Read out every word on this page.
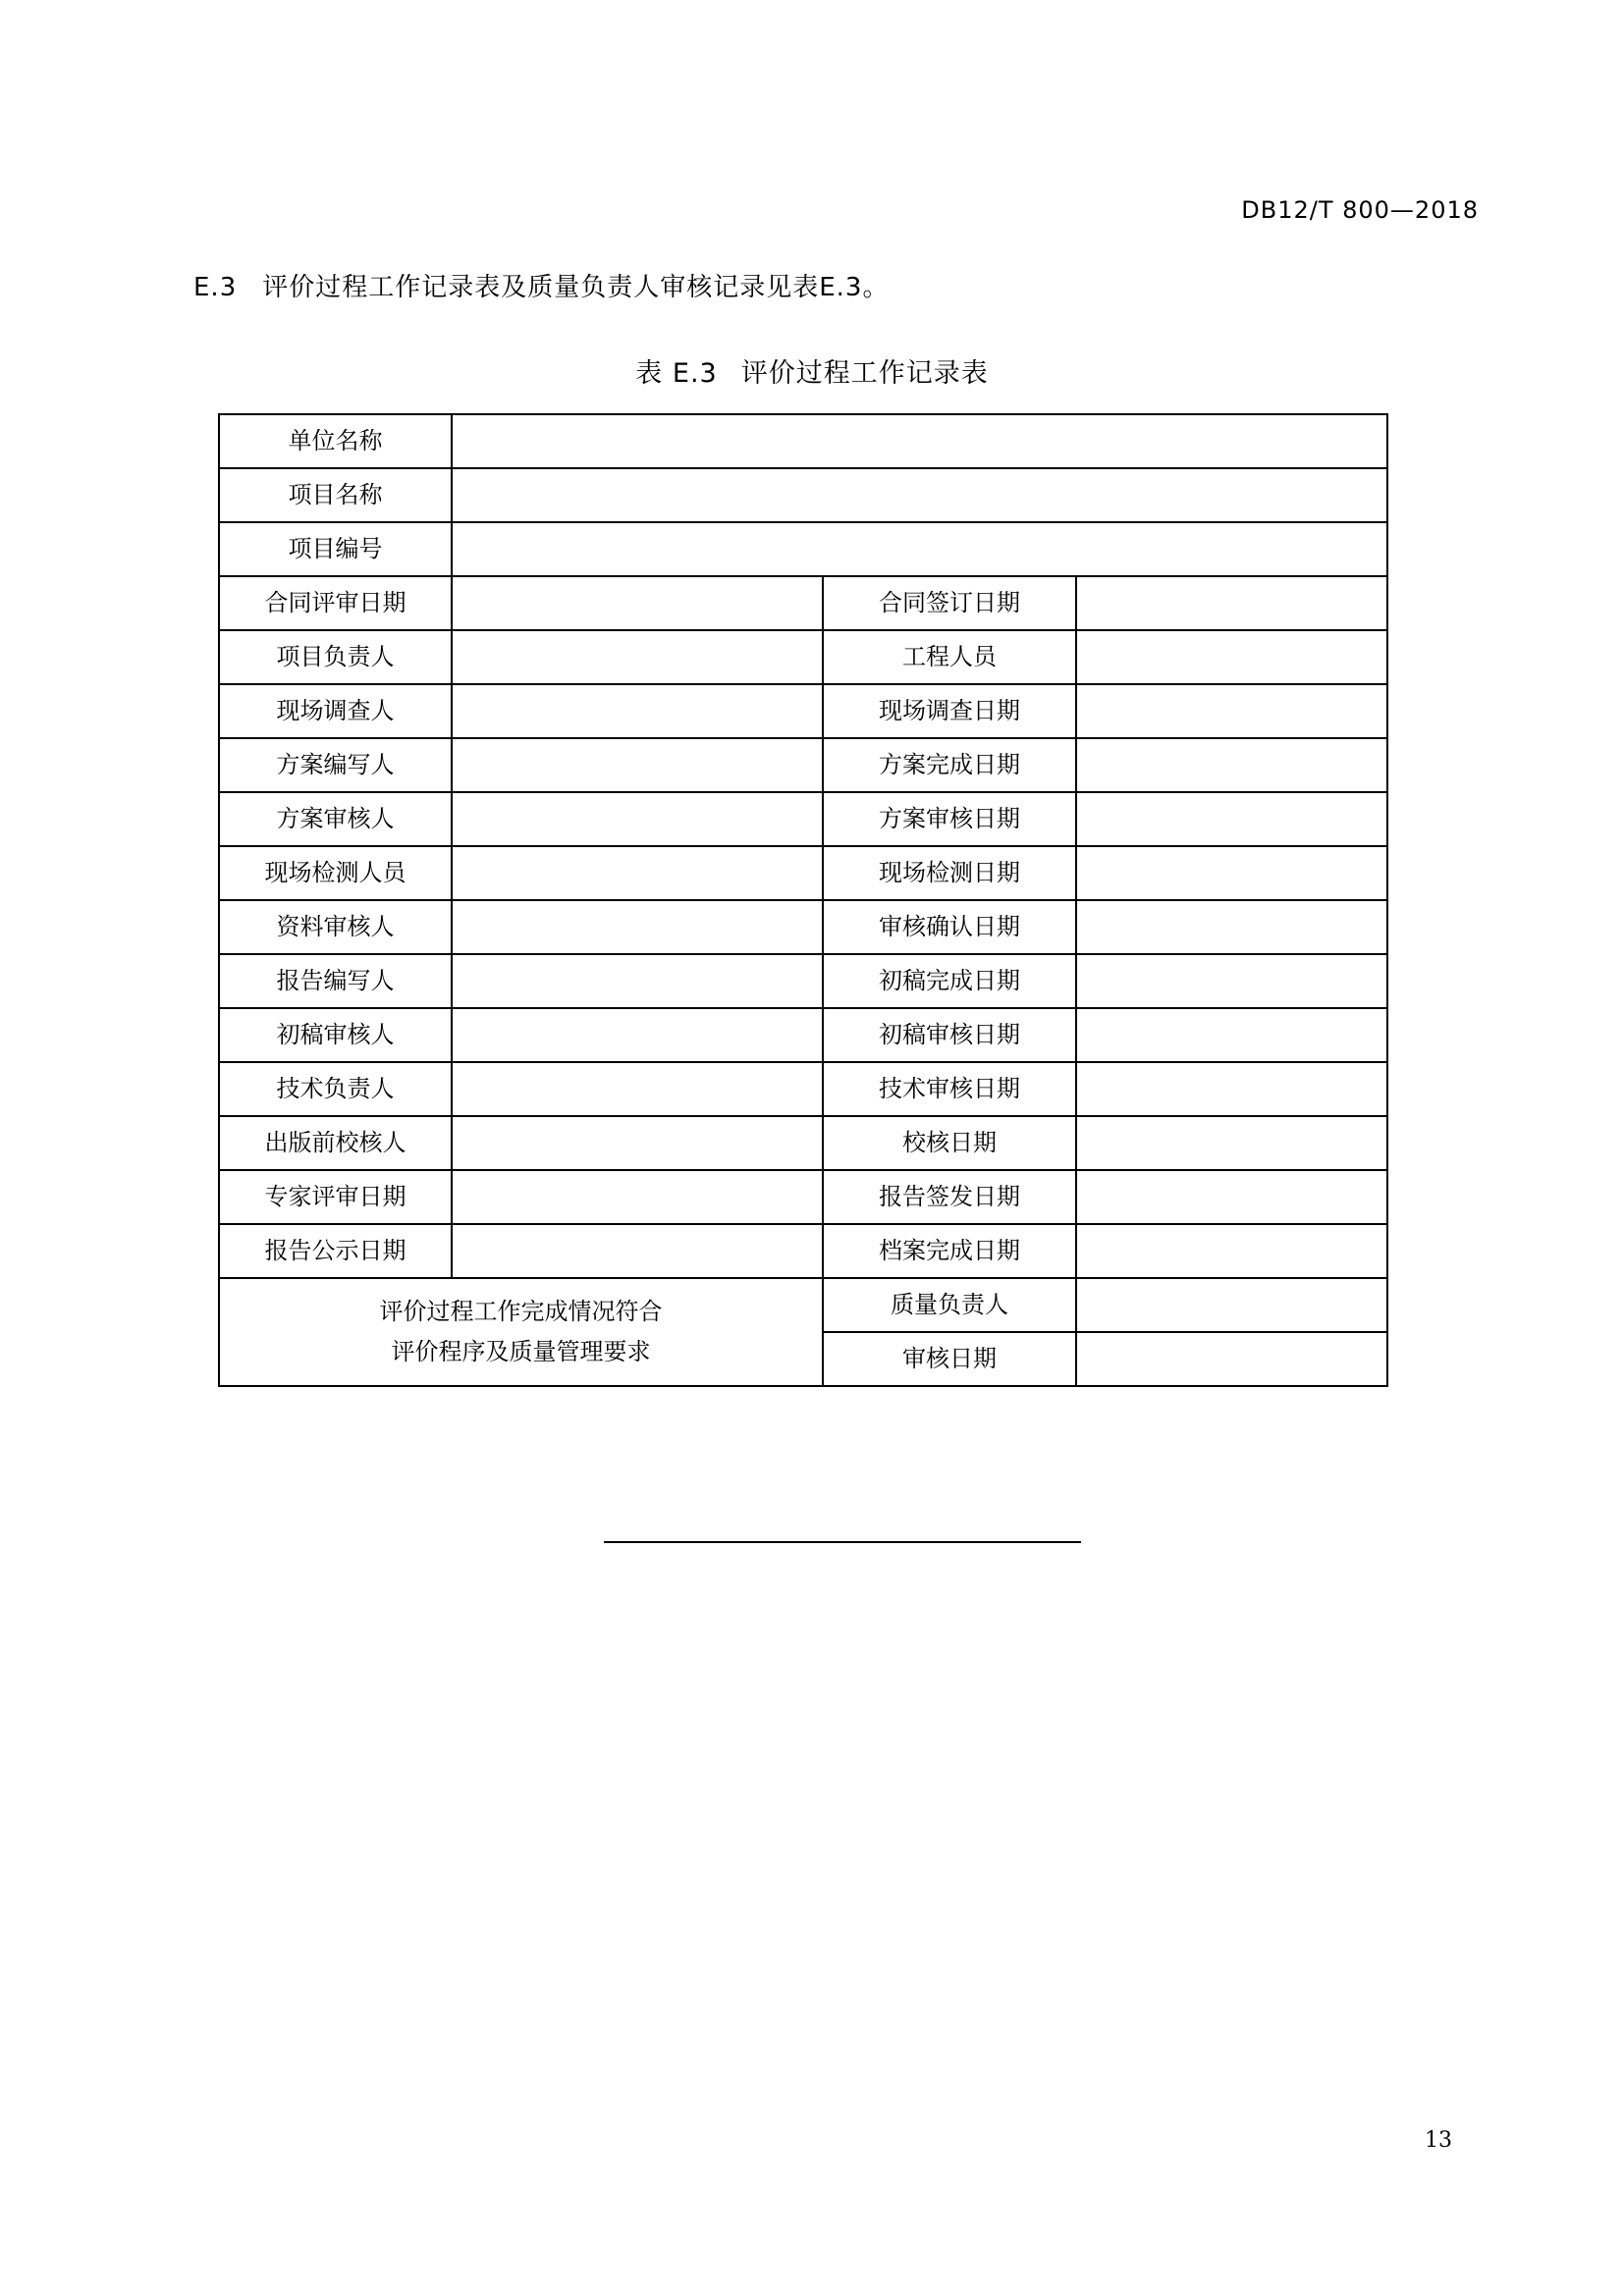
DB12/T 800—2018
E.3 评价过程工作记录表及质量负责人审核记录见表E.3。
表 E.3 评价过程工作记录表
单位名称			
项目名称			
项目编号			
合同评审日期		合同签订日期	
项目负责人		工程人员	
现场调查人		现场调查日期	
方案编写人		方案完成日期	
方案审核人		方案审核日期	
现场检测人员		现场检测日期	
资料审核人		审核确认日期	
报告编写人		初稿完成日期	
初稿审核人		初稿审核日期	
技术负责人		技术审核日期	
出版前校核人		校核日期	
专家评审日期		报告签发日期	
报告公示日期		档案完成日期	

评价过程工作完成情况符合
评价程序及质量管理要求		质量负责人	
		审核日期	
13
